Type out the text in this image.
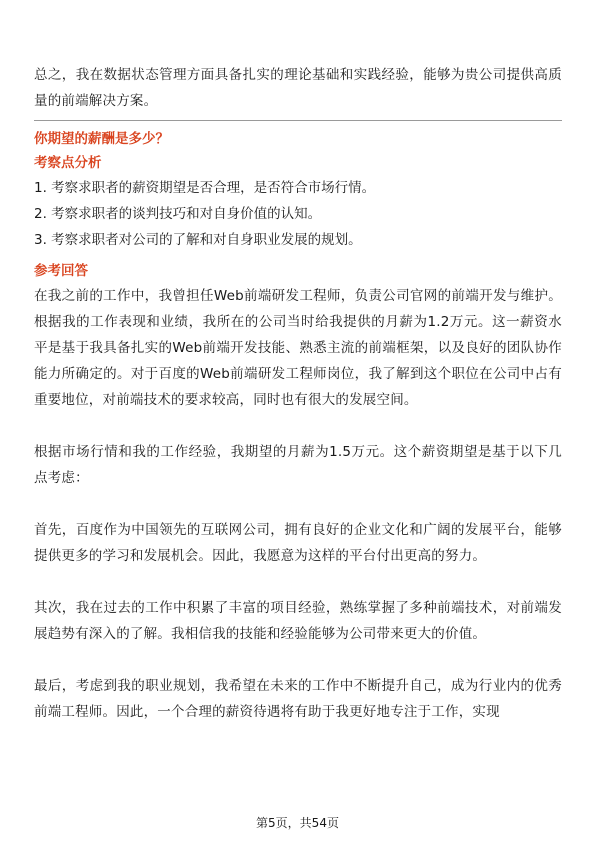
总之，我在数据状态管理方面具备扎实的理论基础和实践经验，能够为贵公司提供高质量的前端解决方案。

你期望的薪酬是多少？

考察点分析

1. 考察求职者的薪资期望是否合理，是否符合市场行情。

2. 考察求职者的谈判技巧和对自身价值的认知。

3. 考察求职者对公司的了解和对自身职业发展的规划。

参考回答

在我之前的工作中，我曾担任Web前端研发工程师，负责公司官网的前端开发与维护。根据我的工作表现和业绩，我所在的公司当时给我提供的月薪为1.2万元。这一薪资水平是基于我具备扎实的Web前端开发技能、熟悉主流的前端框架，以及良好的团队协作能力所确定的。对于百度的Web前端研发工程师岗位，我了解到这个职位在公司中占有重要地位，对前端技术的要求较高，同时也有很大的发展空间。

根据市场行情和我的工作经验，我期望的月薪为1.5万元。这个薪资期望是基于以下几点考虑：

首先，百度作为中国领先的互联网公司，拥有良好的企业文化和广阔的发展平台，能够提供更多的学习和发展机会。因此，我愿意为这样的平台付出更高的努力。

其次，我在过去的工作中积累了丰富的项目经验，熟练掌握了多种前端技术，对前端发展趋势有深入的了解。我相信我的技能和经验能够为公司带来更大的价值。

最后，考虑到我的职业规划，我希望在未来的工作中不断提升自己，成为行业内的优秀前端工程师。因此，一个合理的薪资待遇将有助于我更好地专注于工作，实现

第5页，共54页
